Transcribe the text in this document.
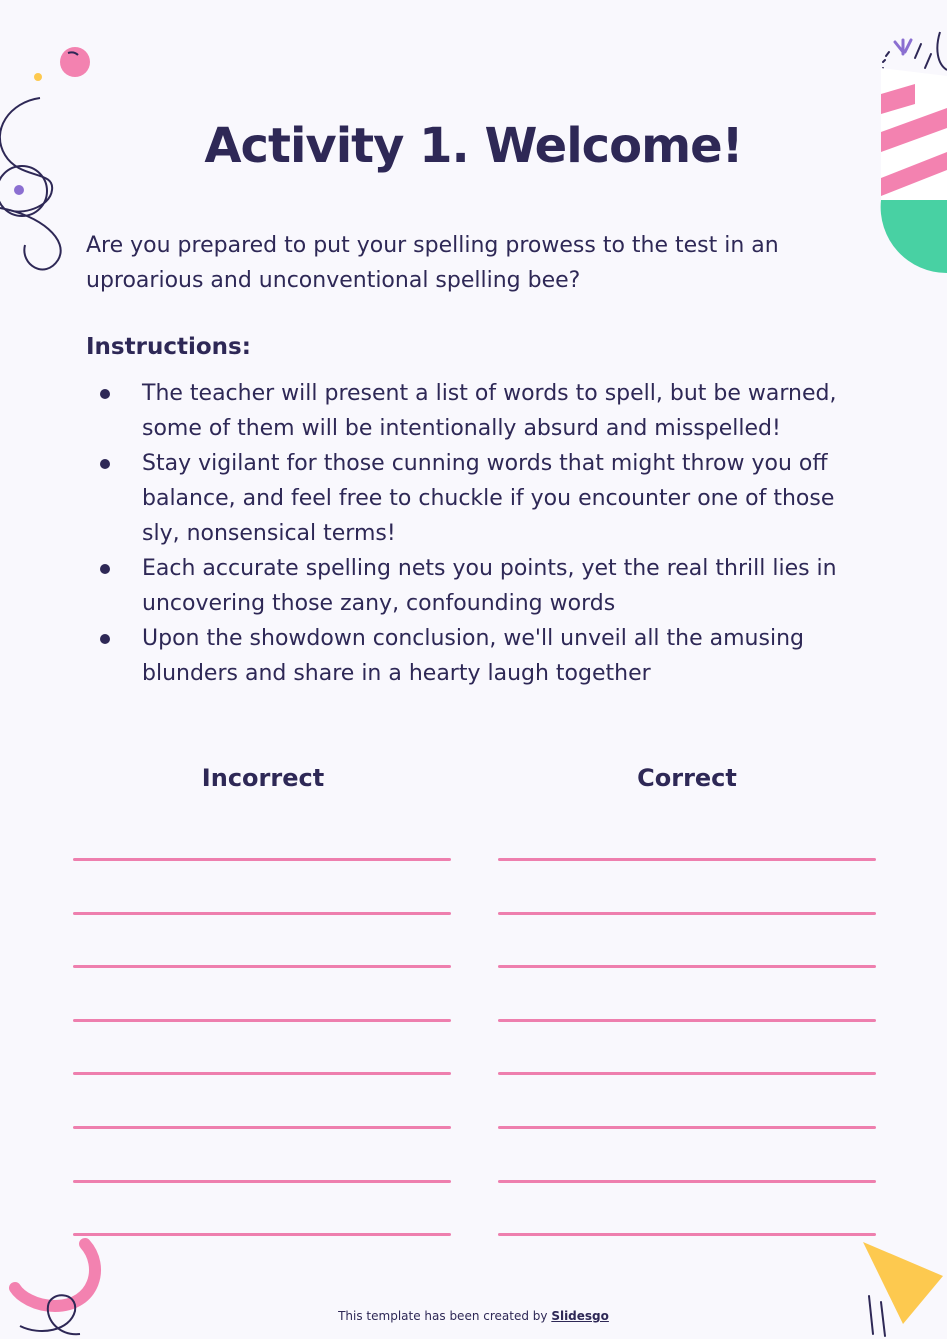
Activity 1. Welcome!

Are you prepared to put your spelling prowess to the test in an uproarious and unconventional spelling bee?

Instructions:
The teacher will present a list of words to spell, but be warned, some of them will be intentionally absurd and misspelled!
Stay vigilant for those cunning words that might throw you off balance, and feel free to chuckle if you encounter one of those sly, nonsensical terms!
Each accurate spelling nets you points, yet the real thrill lies in uncovering those zany, confounding words
Upon the showdown conclusion, we'll unveil all the amusing blunders and share in a hearty laugh together
Incorrect	Correct
This template has been created by Slidesgo
